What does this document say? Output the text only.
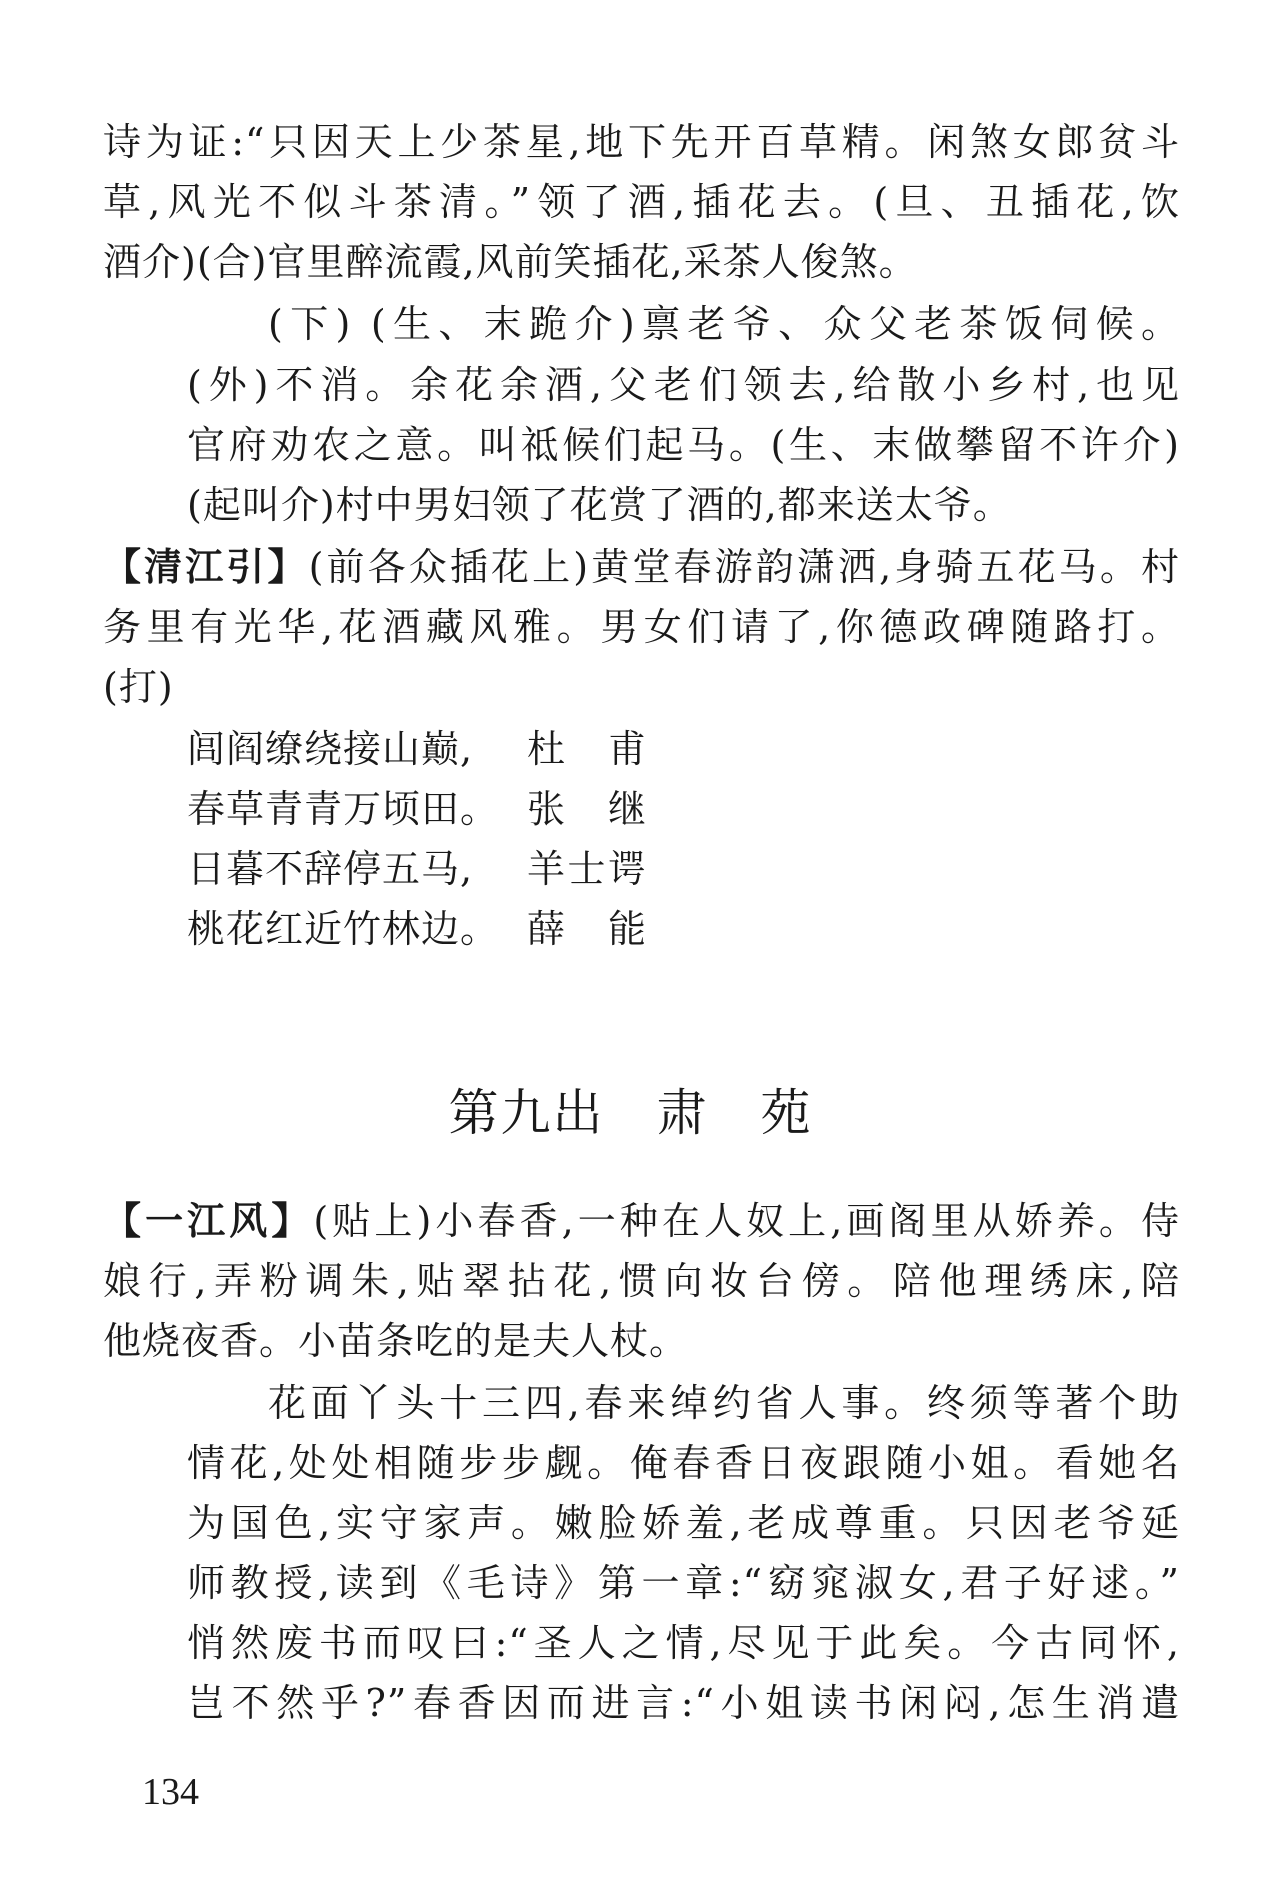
诗为证:“只因天上少茶星,地下先开百草精。闲煞女郎贫斗
草,风光不似斗茶清。”领了酒,插花去。(旦、丑插花,饮
酒介)(合)官里醉流霞,风前笑插花,采茶人俊煞。
(下) (生、末跪介)禀老爷、众父老茶饭伺候。
(外)不消。余花余酒,父老们领去,给散小乡村,也见
官府劝农之意。叫祗候们起马。(生、末做攀留不许介)
(起叫介)村中男妇领了花赏了酒的,都来送太爷。
【清江引】(前各众插花上)黄堂春游韵潇洒,身骑五花马。村
务里有光华,花酒藏风雅。男女们请了,你德政碑随路打。
(打)
闾阎缭绕接山巅, 杜甫
春草青青万顷田。 张继
日暮不辞停五马, 羊士谔
桃花红近竹林边。 薛能
第九出　肃　苑
【一江风】(贴上)小春香,一种在人奴上,画阁里从娇养。侍
娘行,弄粉调朱,贴翠拈花,惯向妆台傍。陪他理绣床,陪
他烧夜香。小苗条吃的是夫人杖。
花面丫头十三四,春来绰约省人事。终须等著个助
情花,处处相随步步觑。俺春香日夜跟随小姐。看她名
为国色,实守家声。嫩脸娇羞,老成尊重。只因老爷延
师教授,读到《毛诗》第一章:“窈窕淑女,君子好逑。”
悄然废书而叹曰:“圣人之情,尽见于此矣。今古同怀,
岂不然乎?”春香因而进言:“小姐读书闲闷,怎生消遣
134
